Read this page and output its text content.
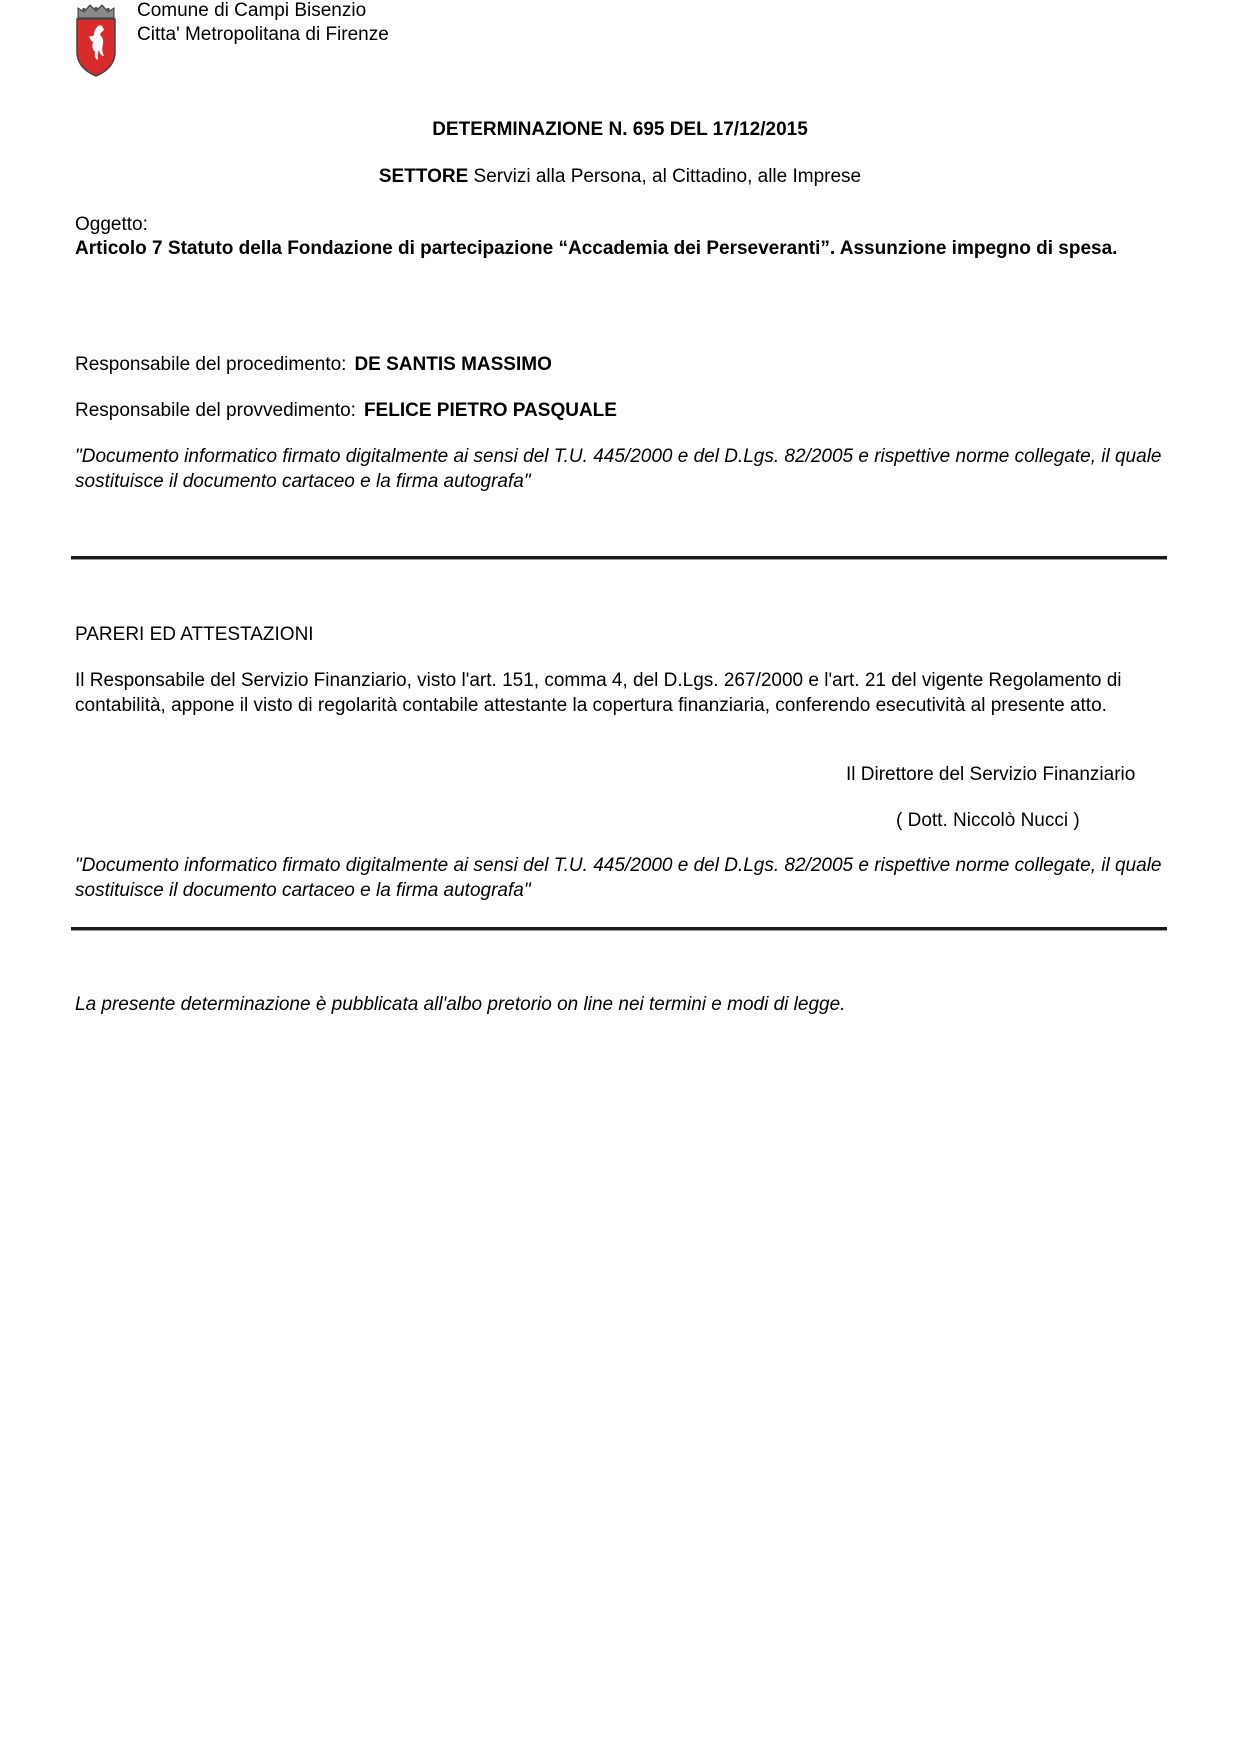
Comune di Campi Bisenzio
Citta' Metropolitana di Firenze
DETERMINAZIONE N. 695 DEL 17/12/2015
SETTORE Servizi alla Persona, al Cittadino, alle Imprese
Oggetto:
Articolo 7 Statuto della Fondazione di partecipazione “Accademia dei Perseveranti”. Assunzione impegno di spesa.
Responsabile del procedimento: DE SANTIS MASSIMO
Responsabile del provvedimento: FELICE PIETRO PASQUALE
"Documento informatico firmato digitalmente ai sensi del T.U. 445/2000 e del D.Lgs. 82/2005 e rispettive norme collegate, il quale sostituisce il documento cartaceo e la firma autografa"
PARERI ED ATTESTAZIONI
Il Responsabile del Servizio Finanziario, visto l'art. 151, comma 4, del D.Lgs. 267/2000 e l'art. 21 del vigente Regolamento di contabilità, appone il visto di regolarità contabile attestante la copertura finanziaria, conferendo esecutività al presente atto.
Il Direttore del Servizio Finanziario
( Dott. Niccolò Nucci )
"Documento informatico firmato digitalmente ai sensi del T.U. 445/2000 e del D.Lgs. 82/2005 e rispettive norme collegate, il quale sostituisce il documento cartaceo e la firma autografa"
La presente determinazione è pubblicata all'albo pretorio on line nei termini e modi di legge.
